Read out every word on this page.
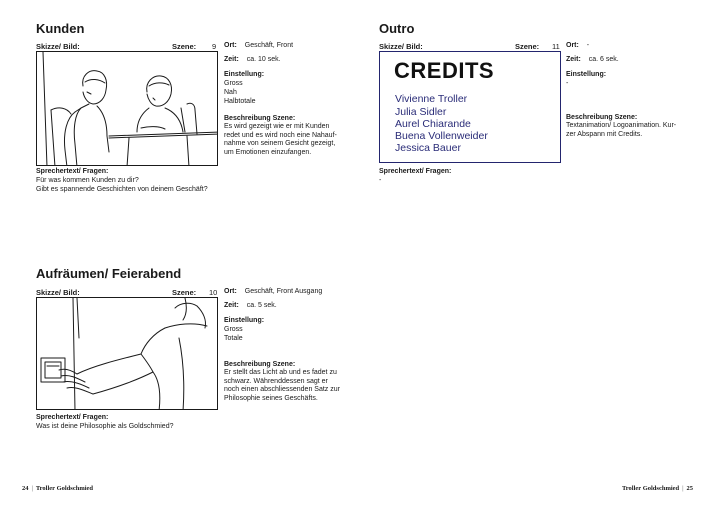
Kunden
Skizze/ Bild:	Szene: 9 Ort: Geschäft, Front
Zeit: ca. 10 sek.
Einstellung:
Gross
Nah
Halbtotale
Beschreibung Szene:
Es wird gezeigt wie er mit Kunden
redet und es wird noch eine Nahauf-
nahme von seinem Gesicht gezeigt,
um Emotionen einzufangen.
Sprechertext/ Fragen:
Für was kommen Kunden zu dir?
Gibt es spannende Geschichten von deinem Geschäft?
Outro
Skizze/ Bild:	Szene: 11
CREDITS
Vivienne Troller
Julia Sidler
Aurel Chiarande
Buena Vollenweider
Jessica Bauer
Ort: -
Zeit: ca. 6 sek.
Einstellung:
-
Beschreibung Szene:
Textanimation/ Logoanimation. Kur-
zer Abspann mit Credits.
Sprechertext/ Fragen:
-
Aufräumen/ Feierabend
Skizze/ Bild:	Szene: 10 Ort: Geschäft, Front Ausgang
Zeit: ca. 5 sek.
Einstellung:
Gross
Totale
Beschreibung Szene:
Er stellt das Licht ab und es fadet zu
schwarz. Währenddessen sagt er
noch einen abschliessenden Satz zur
Philosophie seines Geschäfts.
Sprechertext/ Fragen:
Was ist deine Philosophie als Goldschmied?
24 | Troller Goldschmied	Troller Goldschmied | 25
